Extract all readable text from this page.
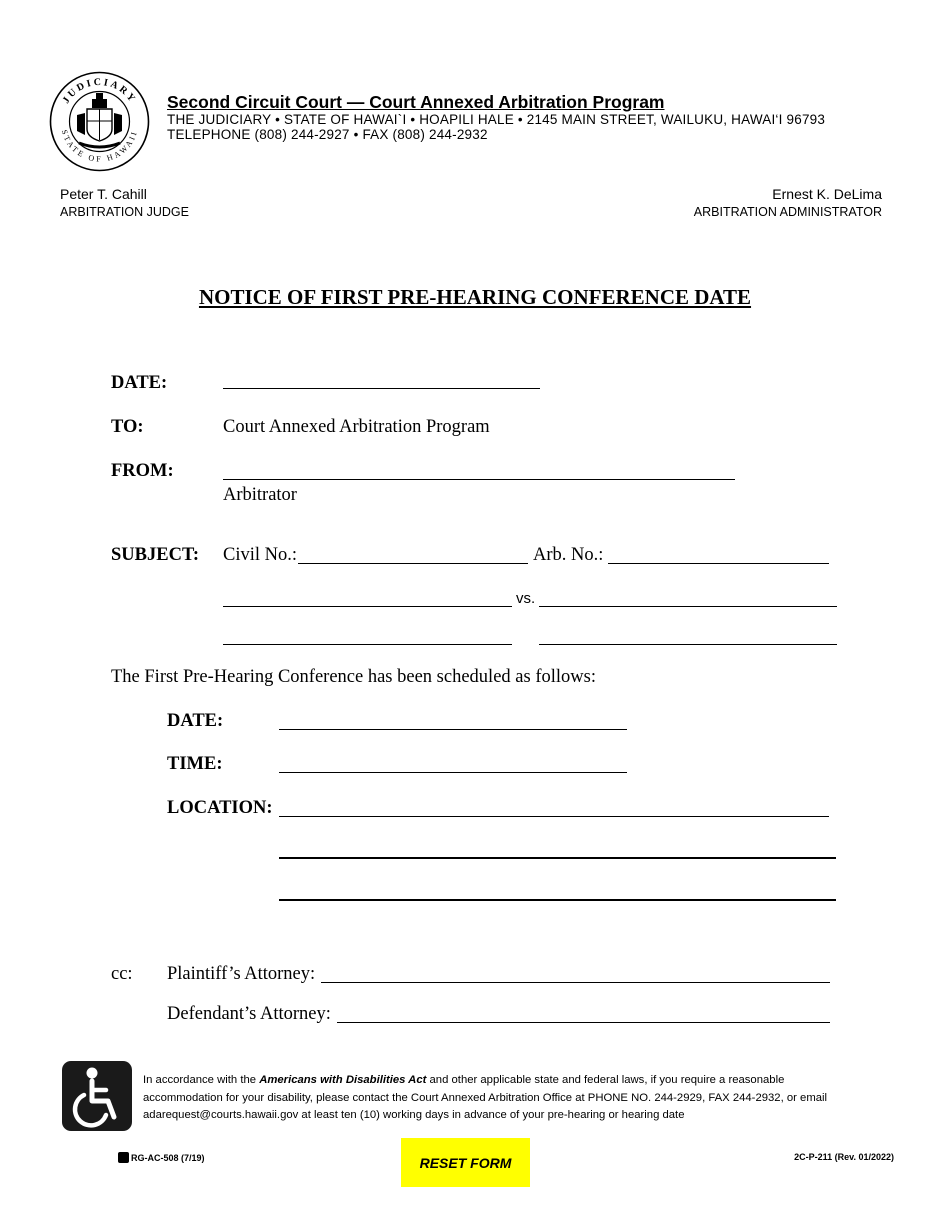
JUDICIARY
STATE OF HAWAII
Second Circuit Court — Court Annexed Arbitration Program
THE JUDICIARY • STATE OF HAWAI`I • HOAPILI HALE • 2145 MAIN STREET, WAILUKU, HAWAI‘I 96793
TELEPHONE (808) 244-2927 • FAX (808) 244-2932
Peter T. Cahill
ARBITRATION JUDGE
Ernest K. DeLima
ARBITRATION ADMINISTRATOR
NOTICE OF FIRST PRE-HEARING CONFERENCE DATE
DATE:
TO:	Court Annexed Arbitration Program
FROM:
Arbitrator
SUBJECT: Civil No.:	Arb. No.:
vs.
The First Pre-Hearing Conference has been scheduled as follows:
DATE:
TIME:
LOCATION:
cc: Plaintiff’s Attorney:
Defendant’s Attorney:
In accordance with the Americans with Disabilities Act and other applicable state and federal laws, if you require a reasonable accommodation for your disability, please contact the Court Annexed Arbitration Office at PHONE NO. 244-2929, FAX 244-2932, or email adarequest@courts.hawaii.gov at least ten (10) working days in advance of your pre-hearing or hearing date
RG-AC-508 (7/19)	RESET FORM	2C-P-211 (Rev. 01/2022)
